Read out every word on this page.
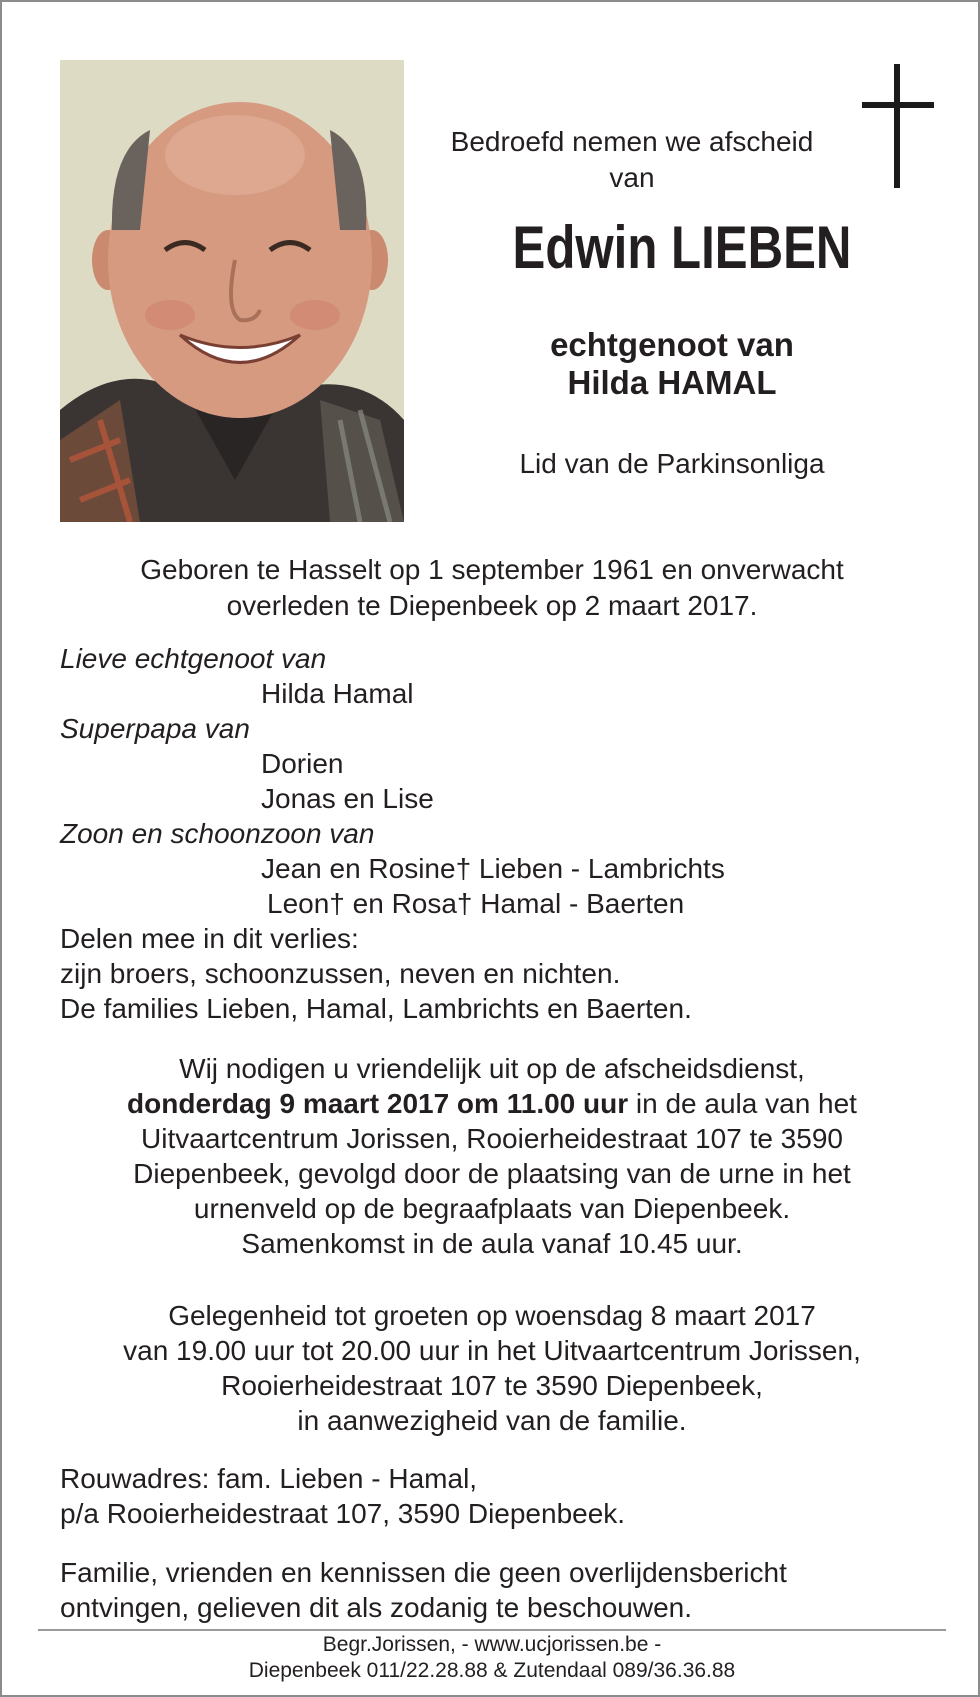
Bedroefd nemen we afscheid
van
Edwin LIEBEN
echtgenoot van
Hilda HAMAL
Lid van de Parkinsonliga
Geboren te Hasselt op 1 september 1961 en onverwacht
overleden te Diepenbeek op 2 maart 2017.
Lieve echtgenoot van
Hilda Hamal
Superpapa van
Dorien
Jonas en Lise
Zoon en schoonzoon van
Jean en Rosine† Lieben - Lambrichts
Leon† en Rosa† Hamal - Baerten
Delen mee in dit verlies:
zijn broers, schoonzussen, neven en nichten.
De families Lieben, Hamal, Lambrichts en Baerten.
Wij nodigen u vriendelijk uit op de afscheidsdienst,
donderdag 9 maart 2017 om 11.00 uur in de aula van het
Uitvaartcentrum Jorissen, Rooierheidestraat 107 te 3590
Diepenbeek, gevolgd door de plaatsing van de urne in het
urnenveld op de begraafplaats van Diepenbeek.
Samenkomst in de aula vanaf 10.45 uur.
Gelegenheid tot groeten op woensdag 8 maart 2017
van 19.00 uur tot 20.00 uur in het Uitvaartcentrum Jorissen,
Rooierheidestraat 107 te 3590 Diepenbeek,
in aanwezigheid van de familie.
Rouwadres: fam. Lieben - Hamal,
p/a Rooierheidestraat 107, 3590 Diepenbeek.
Familie, vrienden en kennissen die geen overlijdensbericht
ontvingen, gelieven dit als zodanig te beschouwen.
Begr.Jorissen, - www.ucjorissen.be -
Diepenbeek 011/22.28.88 & Zutendaal 089/36.36.88
